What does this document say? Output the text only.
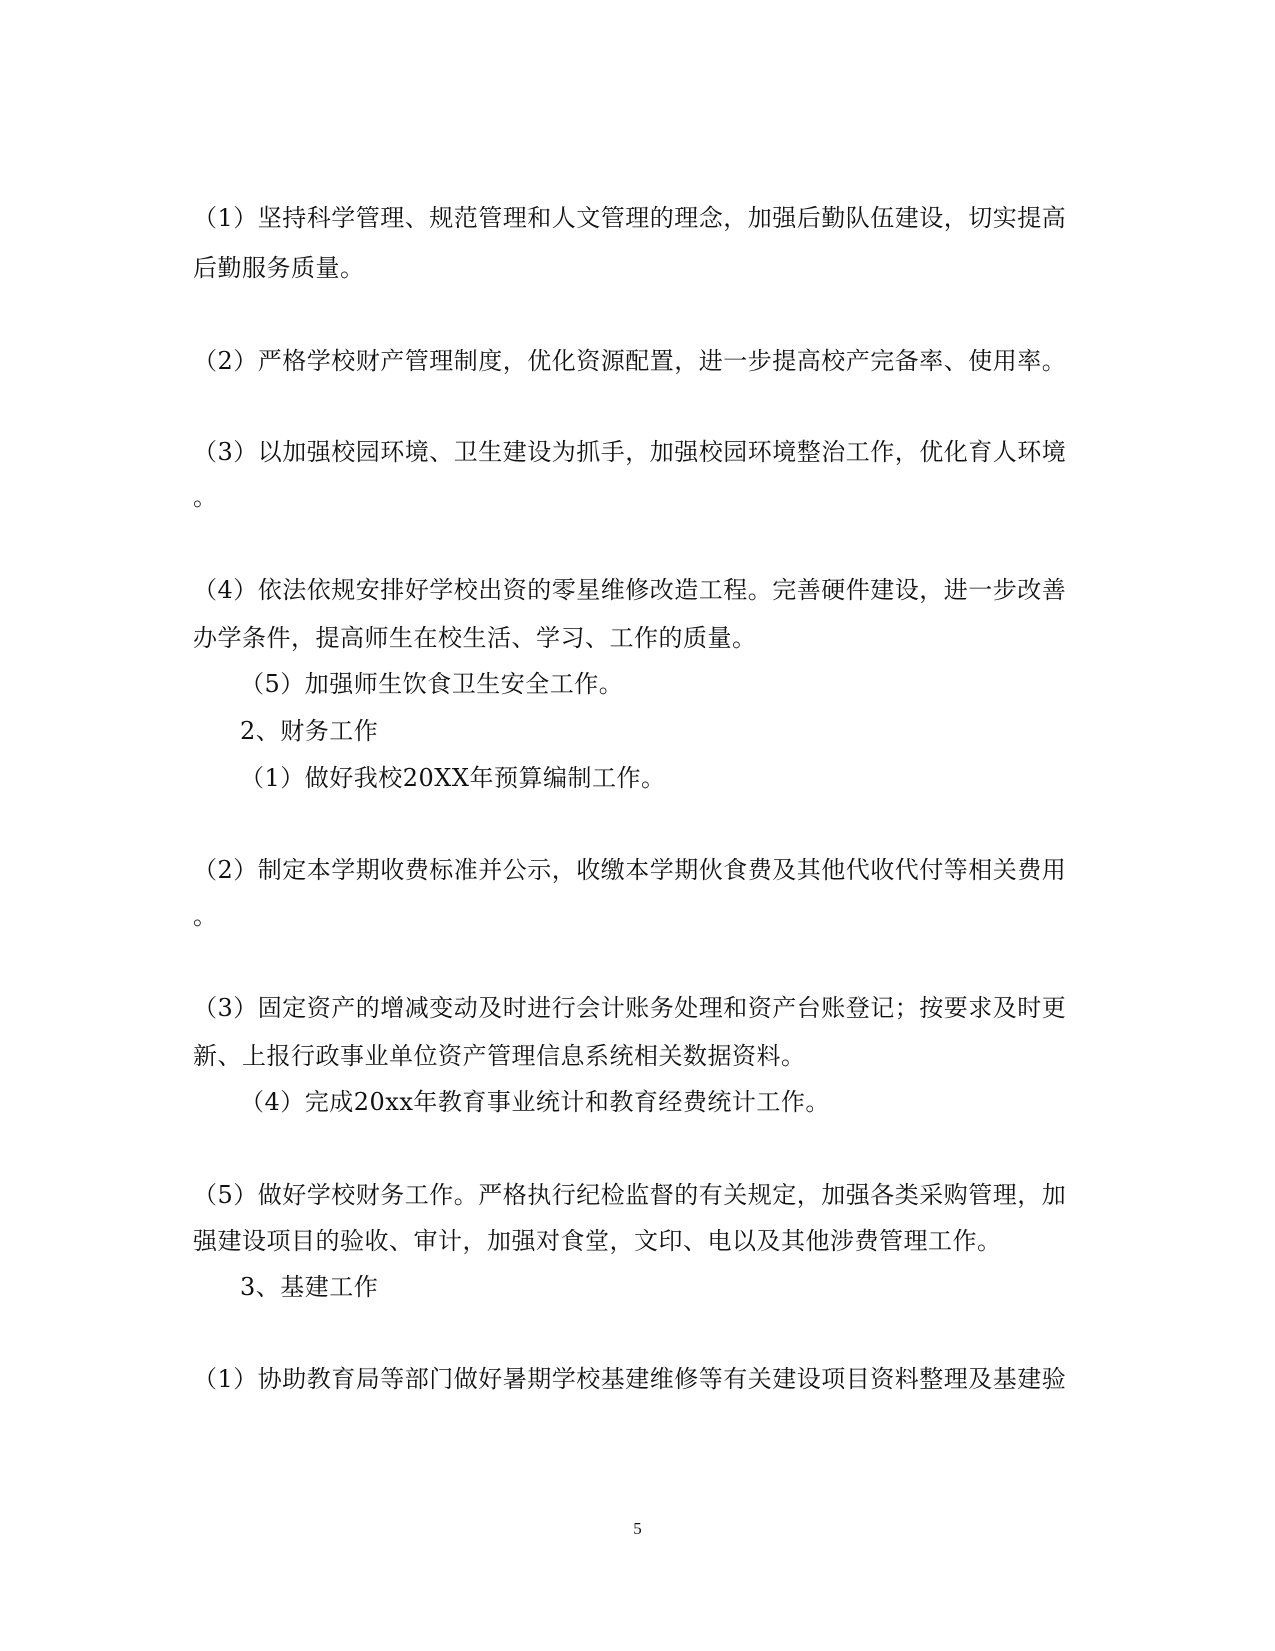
（1）坚持科学管理、规范管理和人文管理的理念，加强后勤队伍建设，切实提高
后勤服务质量。
（2）严格学校财产管理制度，优化资源配置，进一步提高校产完备率、使用率。
（3）以加强校园环境、卫生建设为抓手，加强校园环境整治工作，优化育人环境
。
（4）依法依规安排好学校出资的零星维修改造工程。完善硬件建设，进一步改善
办学条件，提高师生在校生活、学习、工作的质量。
（5）加强师生饮食卫生安全工作。
2、财务工作
（1）做好我校20XX年预算编制工作。
（2）制定本学期收费标准并公示，收缴本学期伙食费及其他代收代付等相关费用
。
（3）固定资产的增减变动及时进行会计账务处理和资产台账登记；按要求及时更
新、上报行政事业单位资产管理信息系统相关数据资料。
（4）完成20xx年教育事业统计和教育经费统计工作。
（5）做好学校财务工作。严格执行纪检监督的有关规定，加强各类采购管理，加
强建设项目的验收、审计，加强对食堂，文印、电以及其他涉费管理工作。
3、基建工作
（1）协助教育局等部门做好暑期学校基建维修等有关建设项目资料整理及基建验
5
